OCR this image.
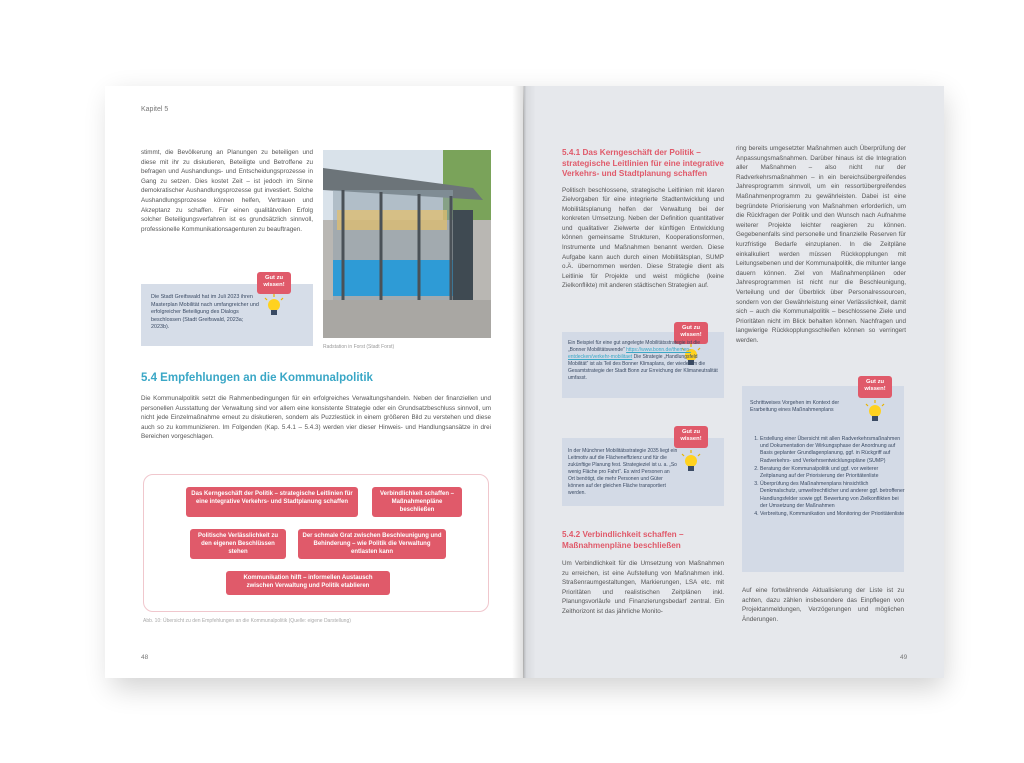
Kapitel 5

stimmt, die Bevölkerung an Planungen zu beteiligen und diese mit ihr zu diskutieren, Beteiligte und Betroffene zu befragen und Aushandlungs- und Entscheidungsprozesse in Gang zu setzen. Dies kostet Zeit – ist jedoch im Sinne demokratischer Aushandlungsprozesse gut investiert. Solche Aushandlungsprozesse können helfen, Vertrauen und Akzeptanz zu schaffen. Für einen qualitätvollen Erfolg solcher Beteiligungsverfahren ist es grundsätzlich sinnvoll, professionelle Kommunikationsagenturen zu beauftragen.

Gut zu wissen!
Die Stadt Greifswald hat im Juli 2023 ihren Masterplan Mobilität nach umfangreicher und erfolgreicher Beteiligung des Dialogs beschlossen (Stadt Greifswald, 2023a; 2023b).
Radstation in Forst (Stadt Forst)
5.4 Empfehlungen an die Kommunalpolitik

Die Kommunalpolitik setzt die Rahmenbedingungen für ein erfolgreiches Verwaltungshandeln. Neben der finanziellen und personellen Ausstattung der Verwaltung sind vor allem eine konsistente Strategie oder ein Grundsatzbeschluss sinnvoll, um nicht jede Einzelmaßnahme erneut zu diskutieren, sondern als Puzzlestück in einem größeren Bild zu verstehen und diese auch so zu kommunizieren. Im Folgenden (Kap. 5.4.1 – 5.4.3) werden vier dieser Hinweis- und Handlungsansätze in drei Bereichen vorgeschlagen.

Das Kerngeschäft der Politik – strategische Leitlinien für eine integrative Verkehrs- und Stadtplanung schaffen
Verbindlichkeit schaffen – Maßnahmenpläne beschließen
Politische Verlässlichkeit zu den eigenen Beschlüssen stehen
Der schmale Grat zwischen Beschleunigung und Behinderung – wie Politik die Verwaltung entlasten kann
Kommunikation hilft – informellen Austausch zwischen Verwaltung und Politik etablieren
Abb. 10: Übersicht zu den Empfehlungen an die Kommunalpolitik (Quelle: eigene Darstellung)
48

5.4.1 Das Kerngeschäft der Politik – strategische Leitlinien für eine integrative Verkehrs- und Stadtplanung schaffen

Politisch beschlossene, strategische Leitlinien mit klaren Zielvorgaben für eine integrierte Stadtentwicklung und Mobilitätsplanung helfen der Verwaltung bei der konkreten Umsetzung. Neben der Definition quantitativer und qualitativer Zielwerte der künftigen Entwicklung können gemeinsame Strukturen, Kooperationsformen, Instrumente und Maßnahmen benannt werden. Diese Aufgabe kann auch durch einen Mobilitätsplan, SUMP o.Ä. übernommen werden. Diese Strategie dient als Leitlinie für Projekte und weist mögliche (keine Zielkonflikte) mit anderen städtischen Strategien auf.

Gut zu wissen!
Ein Beispiel für eine gut angelegte Mobilitätsstrategie ist die „Bonner Mobilitätswende“ https://www.bonn.de/themen-entdecken/verkehr-mobilitaet Die Strategie „Handlungsfeld Mobilität“ ist als Teil des Bonner Klimaplans, der wiederum die Gesamtstrategie der Stadt Bonn zur Erreichung der Klimaneutralität umfasst.
Gut zu wissen!
In der Münchner Mobilitätsstrategie 2035 liegt ein Leitmotiv auf die Flächeneffizienz und für die zukünftige Planung fest. Strategieziel ist u. a. „So wenig Fläche pro Fahrt“. Es wird Personen an Ort benötigt, die mehr Personen und Güter können auf der gleichen Fläche transportiert werden.

5.4.2 Verbindlichkeit schaffen – Maßnahmenpläne beschließen

Um Verbindlichkeit für die Umsetzung von Maßnahmen zu erreichen, ist eine Aufstellung von Maßnahmen inkl. Straßenraumgestaltungen, Markierungen, LSA etc. mit Prioritäten und realistischen Zeitplänen inkl. Planungsvorläufe und Finanzierungsbedarf zentral. Ein Zeithorizont ist das jährliche Monito-

ring bereits umgesetzter Maßnahmen auch Überprüfung der Anpassungsmaßnahmen. Darüber hinaus ist die Integration aller Maßnahmen – also nicht nur der Radverkehrsmaßnahmen – in ein bereichsübergreifendes Jahresprogramm sinnvoll, um ein ressortübergreifendes Maßnahmenprogramm zu gewährleisten. Dabei ist eine begründete Priorisierung von Maßnahmen erforderlich, um die Rückfragen der Politik und den Wunsch nach Aufnahme weiterer Projekte leichter reagieren zu können. Gegebenenfalls sind personelle und finanzielle Reserven für kurzfristige Bedarfe einzuplanen. In die Zeitpläne einkalkuliert werden müssen Rückkopplungen mit Leitungsebenen und der Kommunalpolitik, die mitunter lange dauern können. Ziel von Maßnahmenplänen oder Jahresprogrammen ist nicht nur die Beschleunigung, Verteilung und der Überblick über Personalressourcen, sondern von der Gewährleistung einer Verlässlichkeit, damit sich – auch die Kommunalpolitik – beschlossene Ziele und Prioritäten nicht im Blick behalten können. Nachfragen und langwierige Rückkopplungsschleifen können so verringert werden.

Gut zu wissen!
Schrittweises Vorgehen im Kontext der Erarbeitung eines Maßnahmenplans
1. Erstellung einer Übersicht mit allen Radverkehrsmaßnahmen und Dokumentation der Wirkungsphase der Anordnung auf Basis geplanter Grundlagenplanung, ggf. in Rückgriff auf Radverkehrs- und Verkehrsentwicklungspläne (SUMP)
2. Beratung der Kommunalpolitik und ggf. vor weiterer Zeitplanung auf der Priorisierung der Prioritätenliste
3. Überprüfung des Maßnahmenplans hinsichtlich Denkmalschutz, umweltrechtlicher und anderer ggf. betroffener Handlungsfelder sowie ggf. Bewertung von Zielkonflikten bei der Umsetzung der Maßnahmen
4. Verbreitung, Kommunikation und Monitoring der Prioritätenliste

Auf eine fortwährende Aktualisierung der Liste ist zu achten, dazu zählen insbesondere das Einpflegen von Projektanmeldungen, Verzögerungen und möglichen Änderungen.

49
